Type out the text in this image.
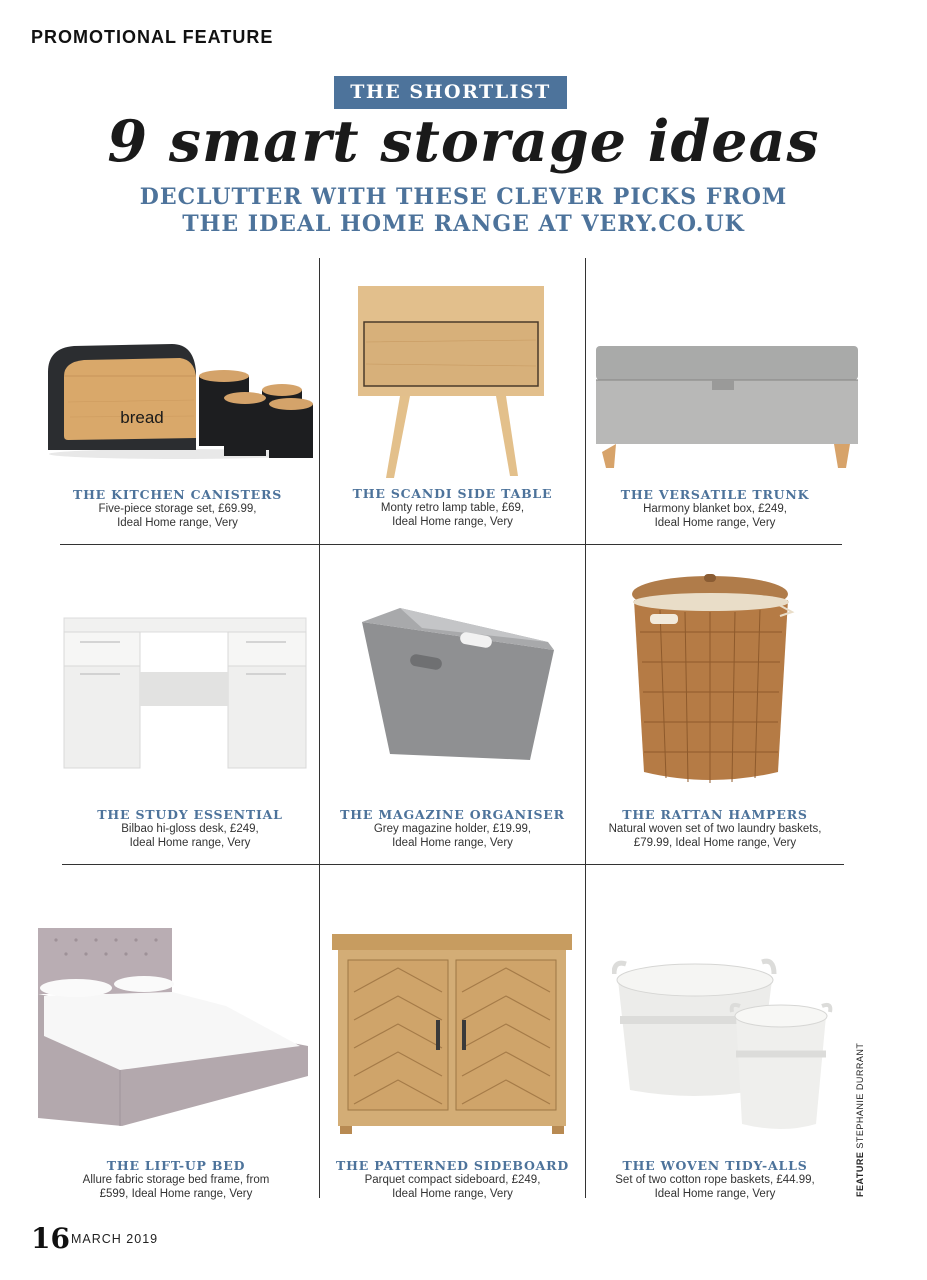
PROMOTIONAL FEATURE
THE SHORTLIST
9 smart storage ideas
DECLUTTER WITH THESE CLEVER PICKS FROM
THE IDEAL HOME RANGE AT VERY.CO.UK
bread
THE KITCHEN CANISTERS
Five-piece storage set, £69.99,
Ideal Home range, Very
THE SCANDI SIDE TABLE
Monty retro lamp table, £69,
Ideal Home range, Very
THE VERSATILE TRUNK
Harmony blanket box, £249,
Ideal Home range, Very
THE STUDY ESSENTIAL
Bilbao hi-gloss desk, £249,
Ideal Home range, Very
THE MAGAZINE ORGANISER
Grey magazine holder, £19.99,
Ideal Home range, Very
THE RATTAN HAMPERS
Natural woven set of two laundry baskets,
£79.99, Ideal Home range, Very
THE LIFT-UP BED
Allure fabric storage bed frame, from
£599, Ideal Home range, Very
THE PATTERNED SIDEBOARD
Parquet compact sideboard, £249,
Ideal Home range, Very
THE WOVEN TIDY-ALLS
Set of two cotton rope baskets, £44.99,
Ideal Home range, Very	FEATURE STEPHANIE DURRANT
16 MARCH 2019
